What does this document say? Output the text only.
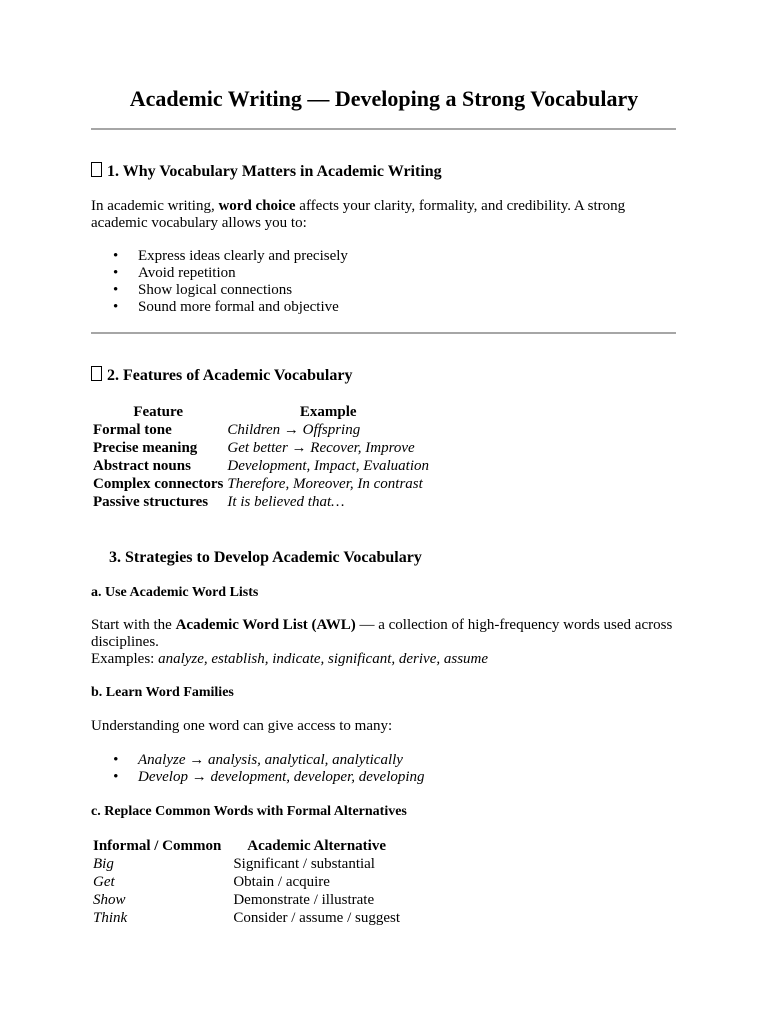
Academic Writing — Developing a Strong Vocabulary
1. Why Vocabulary Matters in Academic Writing
In academic writing, word choice affects your clarity, formality, and credibility. A strong academic vocabulary allows you to:
• Express ideas clearly and precisely
• Avoid repetition
• Show logical connections
• Sound more formal and objective
2. Features of Academic Vocabulary
Feature	Example
Formal tone	Children → Offspring
Precise meaning	Get better → Recover, Improve
Abstract nouns	Development, Impact, Evaluation
Complex connectors	Therefore, Moreover, In contrast
Passive structures	It is believed that…
3. Strategies to Develop Academic Vocabulary
a. Use Academic Word Lists
Start with the Academic Word List (AWL) — a collection of high-frequency words used across disciplines.
Examples: analyze, establish, indicate, significant, derive, assume
b. Learn Word Families
Understanding one word can give access to many:
• Analyze → analysis, analytical, analytically
• Develop → development, developer, developing
c. Replace Common Words with Formal Alternatives
Informal / Common	Academic Alternative
Big	Significant / substantial
Get	Obtain / acquire
Show	Demonstrate / illustrate
Think	Consider / assume / suggest
